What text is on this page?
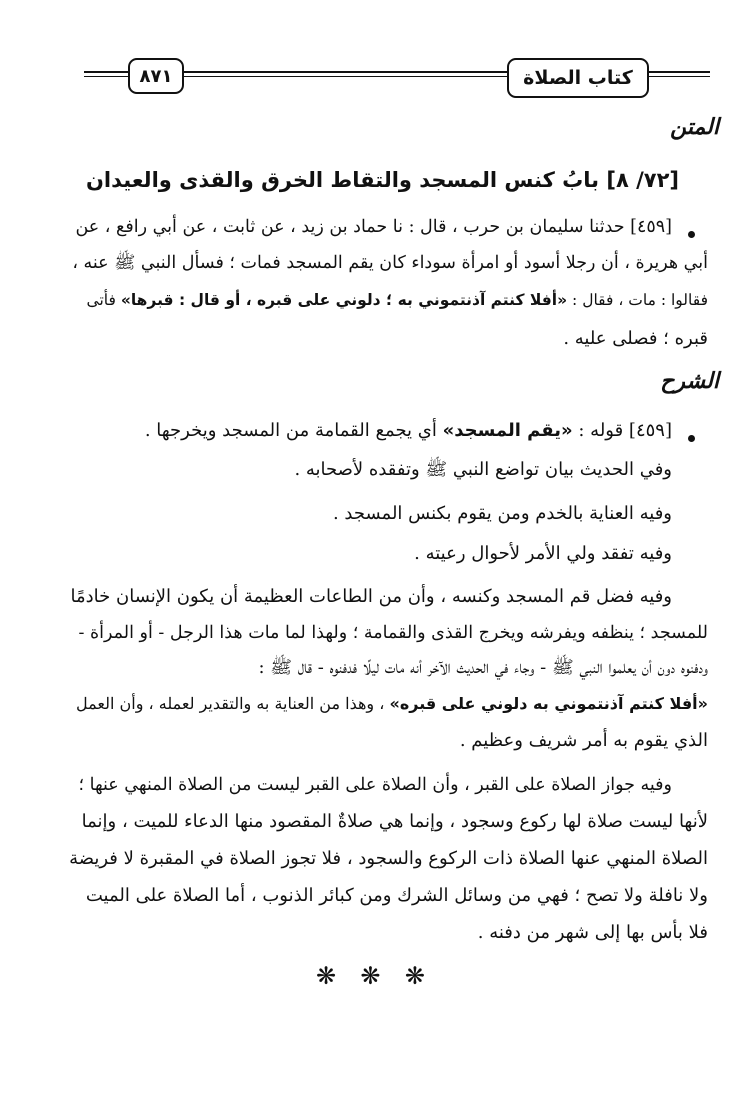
كتاب الصلاة
٨٧١
المتن
[٧٢/ ٨] بابُ كنس المسجد والتقاط الخرق والقذى والعيدان
[٤٥٩] حدثنا سليمان بن حرب ، قال : نا حماد بن زيد ، عن ثابت ، عن أبي رافع ، عن
أبي هريرة ، أن رجلا أسود أو امرأة سوداء كان يقم المسجد فمات ؛ فسأل النبي ﷺ عنه ،
فقالوا : مات ، فقال : «أفلا كنتم آذنتموني به ؛ دلوني على قبره ، أو قال : قبرها» فأتى
قبره ؛ فصلى عليه .
الشرح
[٤٥٩] قوله : «يقم المسجد» أي يجمع القمامة من المسجد ويخرجها .
وفي الحديث بيان تواضع النبي ﷺ وتفقده لأصحابه .
وفيه العناية بالخدم ومن يقوم بكنس المسجد .
وفيه تفقد ولي الأمر لأحوال رعيته .
وفيه فضل قم المسجد وكنسه ، وأن من الطاعات العظيمة أن يكون الإنسان خادمًا
للمسجد ؛ ينظفه ويفرشه ويخرج القذى والقمامة ؛ ولهذا لما مات هذا الرجل - أو المرأة -
ودفنوه دون أن يعلموا النبي ﷺ - وجاء في الحديث الآخر أنه مات ليلًا فدفنوه - قال ﷺ :
«أفلا كنتم آذنتموني به دلوني على قبره» ، وهذا من العناية به والتقدير لعمله ، وأن العمل
الذي يقوم به أمر شريف وعظيم .
وفيه جواز الصلاة على القبر ، وأن الصلاة على القبر ليست من الصلاة المنهي عنها ؛
لأنها ليست صلاة لها ركوع وسجود ، وإنما هي صلاةٌ المقصود منها الدعاء للميت ، وإنما
الصلاة المنهي عنها الصلاة ذات الركوع والسجود ، فلا تجوز الصلاة في المقبرة لا فريضة
ولا نافلة ولا تصح ؛ فهي من وسائل الشرك ومن كبائر الذنوب ، أما الصلاة على الميت
فلا بأس بها إلى شهر من دفنه .
❋ ❋ ❋
